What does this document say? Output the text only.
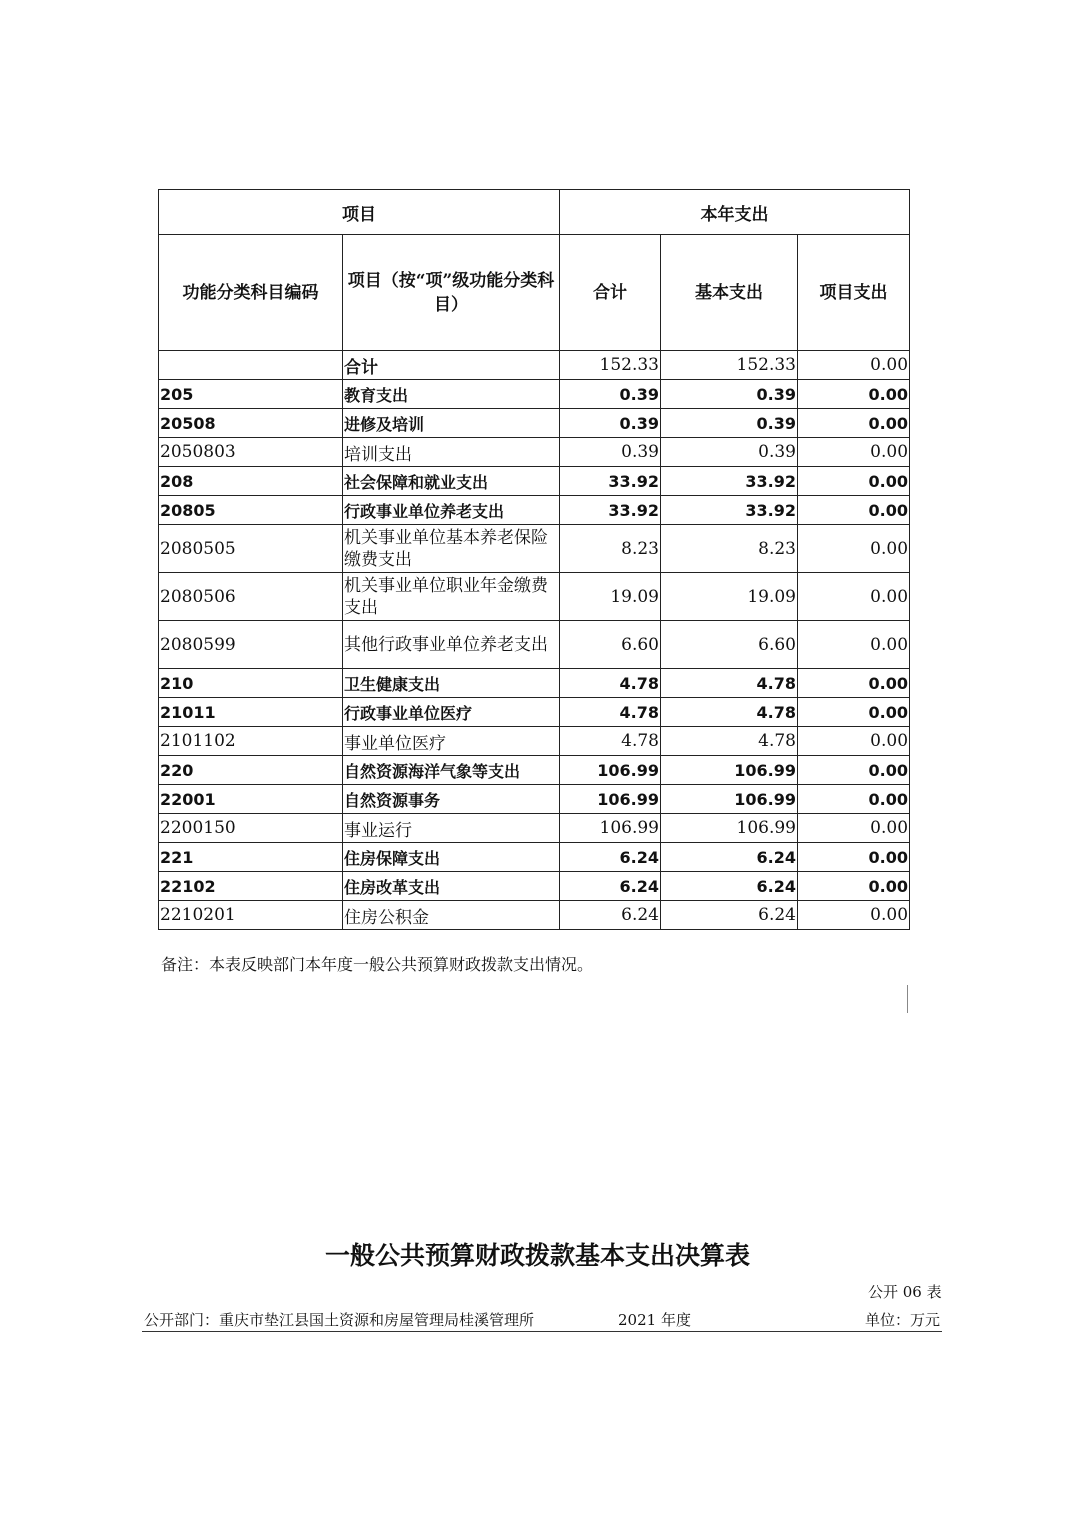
项目		本年支出		
功能分类科目编码	项目（按“项”级功能分类科目）	合计	基本支出	项目支出
	合计	152.33	152.33	0.00
205	教育支出	0.39	0.39	0.00
20508	进修及培训	0.39	0.39	0.00
2050803	培训支出	0.39	0.39	0.00
208	社会保障和就业支出	33.92	33.92	0.00
20805	行政事业单位养老支出	33.92	33.92	0.00
2080505	机关事业单位基本养老保险缴费支出	8.23	8.23	0.00
2080506	机关事业单位职业年金缴费支出	19.09	19.09	0.00
2080599	其他行政事业单位养老支出	6.60	6.60	0.00
210	卫生健康支出	4.78	4.78	0.00
21011	行政事业单位医疗	4.78	4.78	0.00
2101102	事业单位医疗	4.78	4.78	0.00
220	自然资源海洋气象等支出	106.99	106.99	0.00
22001	自然资源事务	106.99	106.99	0.00
2200150	事业运行	106.99	106.99	0.00
221	住房保障支出	6.24	6.24	0.00
22102	住房改革支出	6.24	6.24	0.00
2210201	住房公积金	6.24	6.24	0.00
备注：本表反映部门本年度一般公共预算财政拨款支出情况。
一般公共预算财政拨款基本支出决算表
公开 06 表
公开部门：重庆市垫江县国土资源和房屋管理局桂溪管理所	2021 年度	单位：万元
